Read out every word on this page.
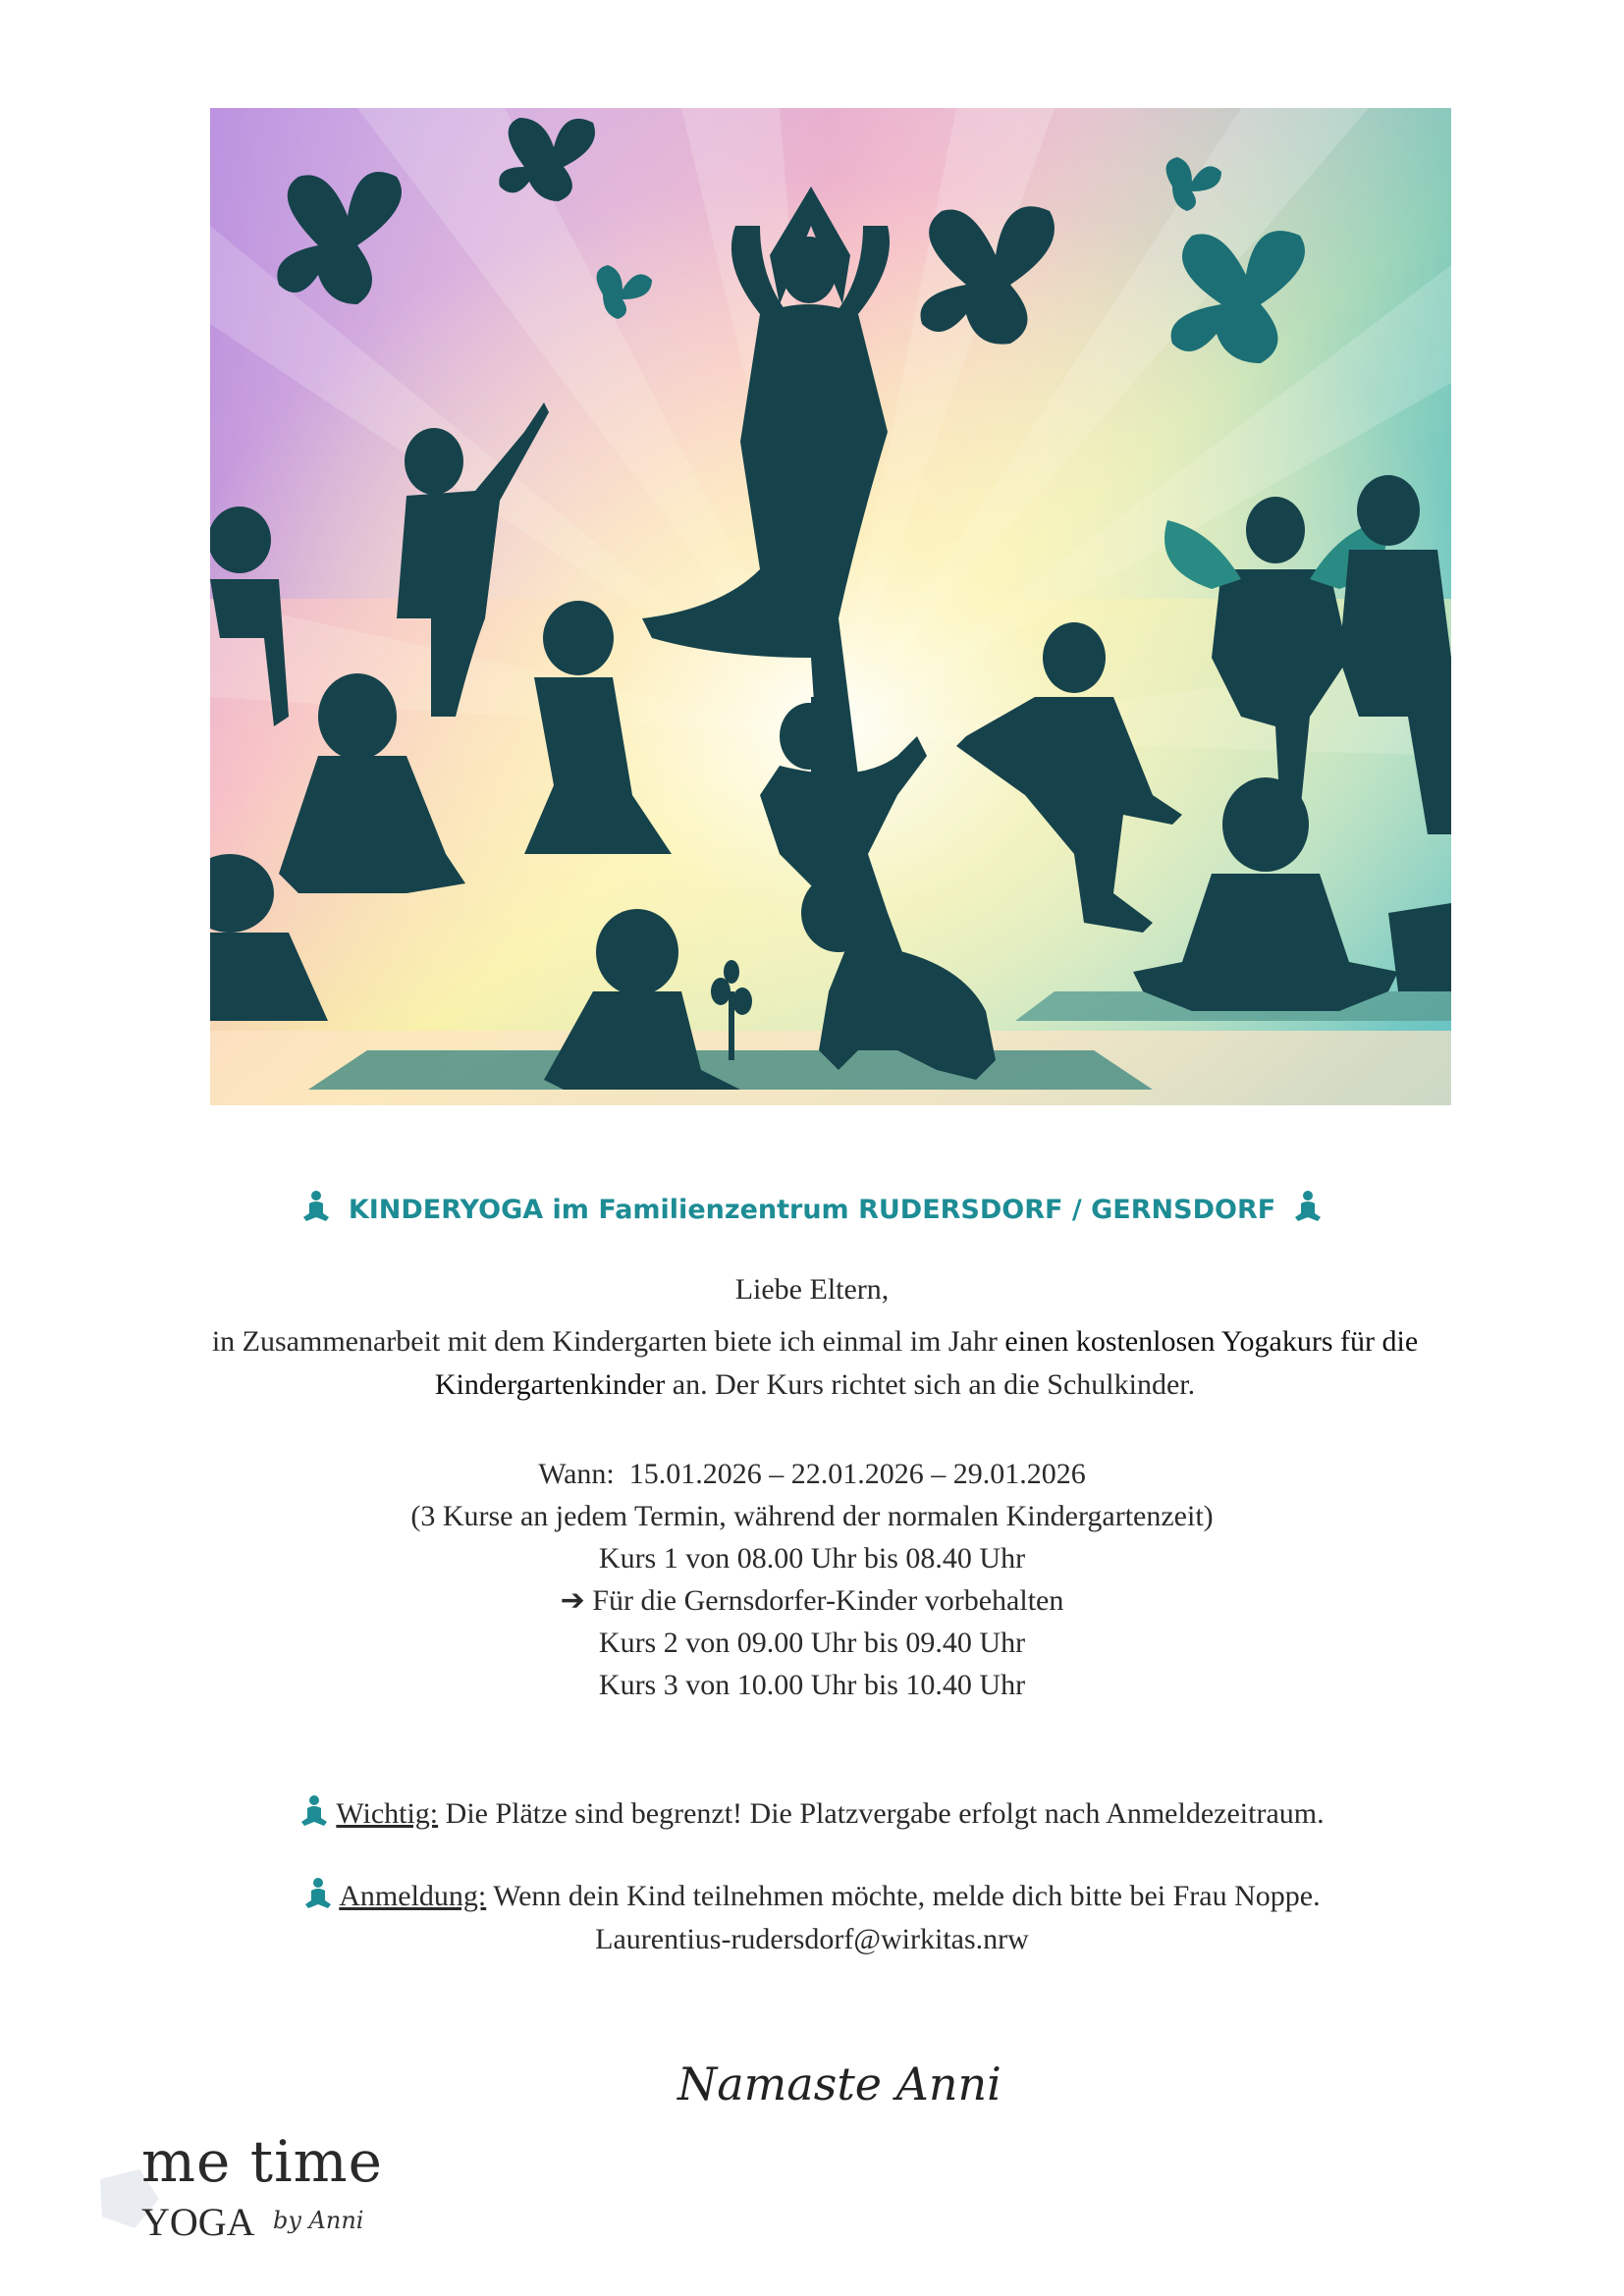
KINDERYOGA im Familienzentrum RUDERSDORF / GERNSDORF
Liebe Eltern,
in Zusammenarbeit mit dem Kindergarten biete ich einmal im Jahr einen kostenlosen Yogakurs für die Kindergartenkinder an. Der Kurs richtet sich an die Schulkinder.
Wann: 15.01.2026 – 22.01.2026 – 29.01.2026
(3 Kurse an jedem Termin, während der normalen Kindergartenzeit)
Kurs 1 von 08.00 Uhr bis 08.40 Uhr
➔ Für die Gernsdorfer-Kinder vorbehalten
Kurs 2 von 09.00 Uhr bis 09.40 Uhr
Kurs 3 von 10.00 Uhr bis 10.40 Uhr
Wichtig: Die Plätze sind begrenzt! Die Platzvergabe erfolgt nach Anmeldezeitraum.
Anmeldung: Wenn dein Kind teilnehmen möchte, melde dich bitte bei Frau Noppe.
Laurentius-rudersdorf@wirkitas.nrw
Namaste Anni
me time
YOGA by Anni
